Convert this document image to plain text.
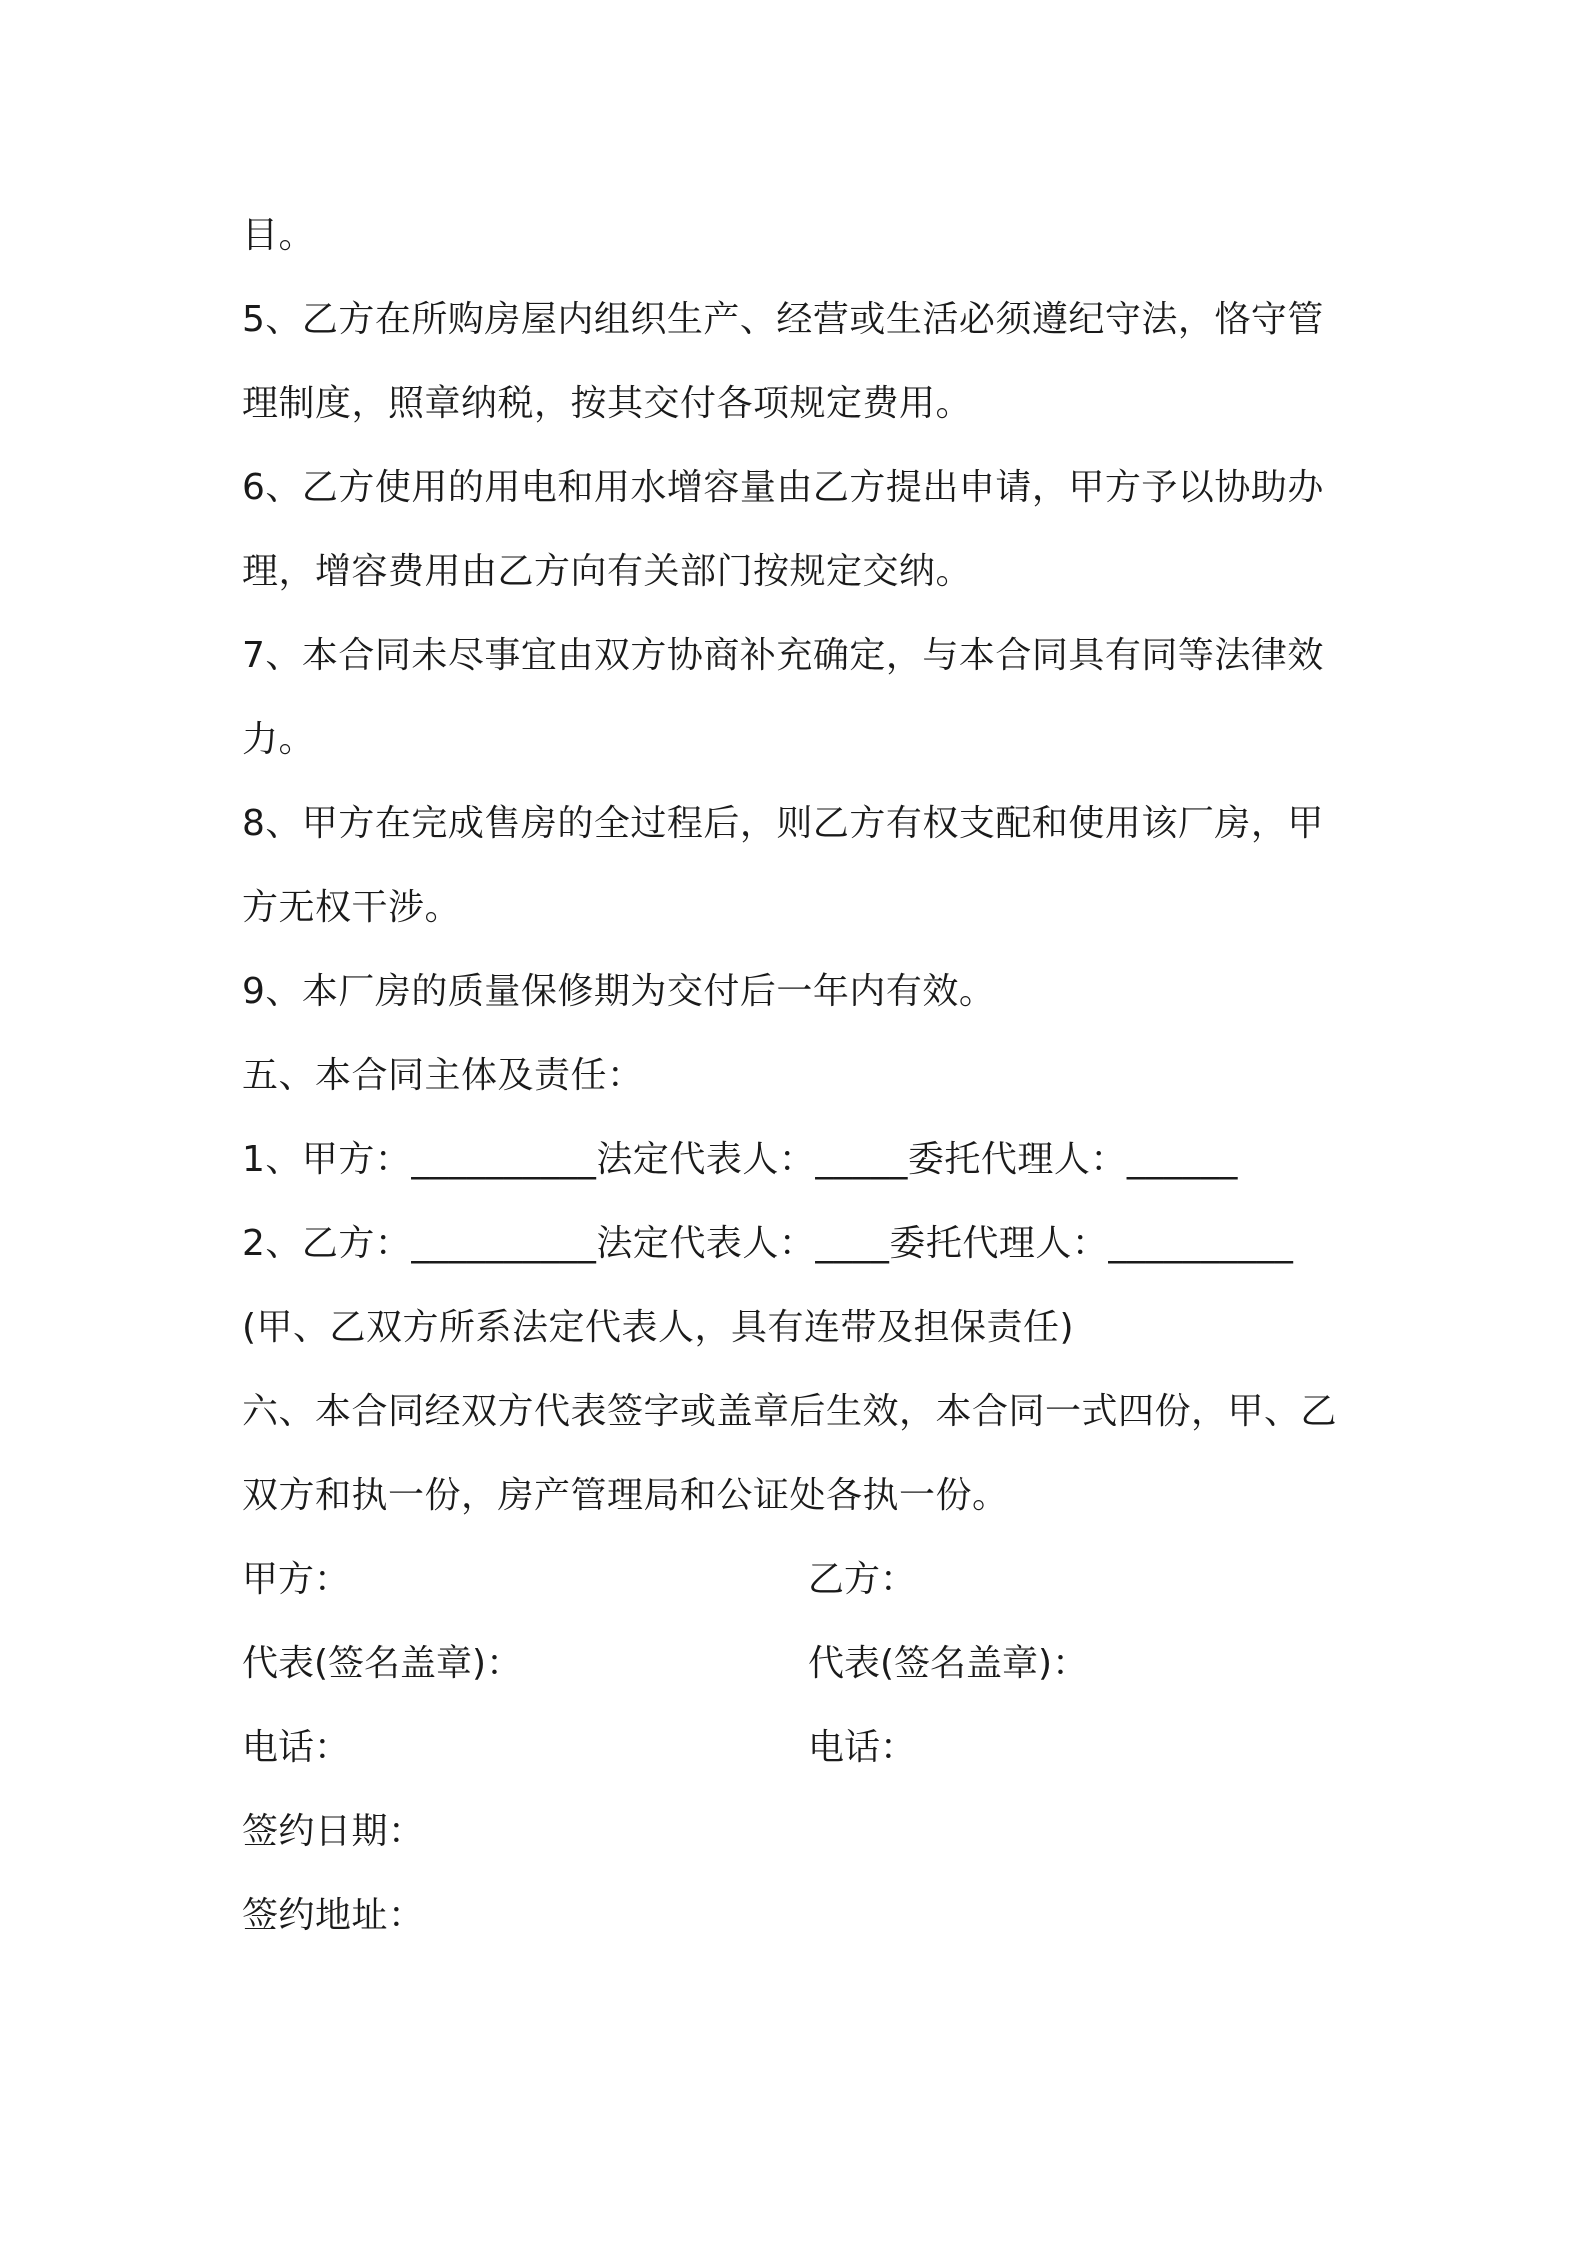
目。
5、乙方在所购房屋内组织生产、经营或生活必须遵纪守法，恪守管
理制度，照章纳税，按其交付各项规定费用。
6、乙方使用的用电和用水增容量由乙方提出申请，甲方予以协助办
理，增容费用由乙方向有关部门按规定交纳。
7、本合同未尽事宜由双方协商补充确定，与本合同具有同等法律效
力。
8、甲方在完成售房的全过程后，则乙方有权支配和使用该厂房，甲
方无权干涉。
9、本厂房的质量保修期为交付后一年内有效。
五、本合同主体及责任：
1、甲方：__________法定代表人：_____委托代理人：______
2、乙方：__________法定代表人：____委托代理人：__________
(甲、乙双方所系法定代表人，具有连带及担保责任)
六、本合同经双方代表签字或盖章后生效，本合同一式四份，甲、乙
双方和执一份，房产管理局和公证处各执一份。
甲方：	乙方：
代表(签名盖章)：	代表(签名盖章)：
电话：	电话：
签约日期：
签约地址：
